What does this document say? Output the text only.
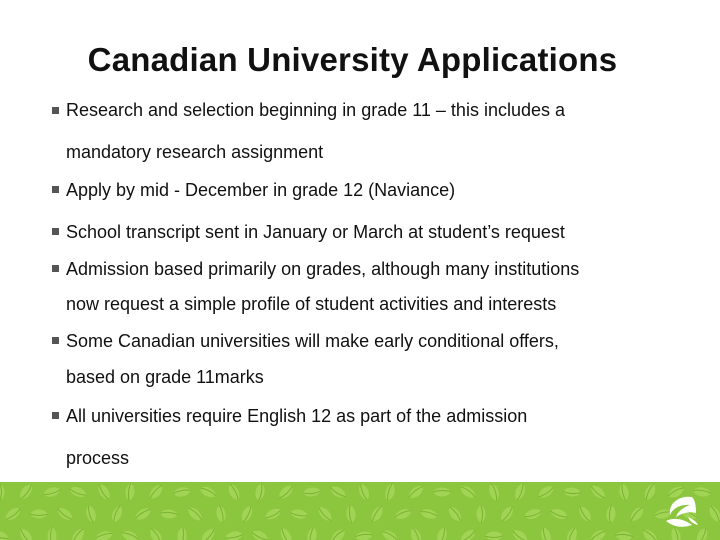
Canadian University Applications
Research and selection beginning in grade 11 – this includes a
mandatory research assignment
Apply by mid - December in grade 12 (Naviance)
School transcript sent in January or March at student’s request
Admission based primarily on grades, although many institutions
now request a simple profile of student activities and interests
Some Canadian universities will make early conditional offers,
based on grade 11marks
All universities require English 12 as part of the admission
process
